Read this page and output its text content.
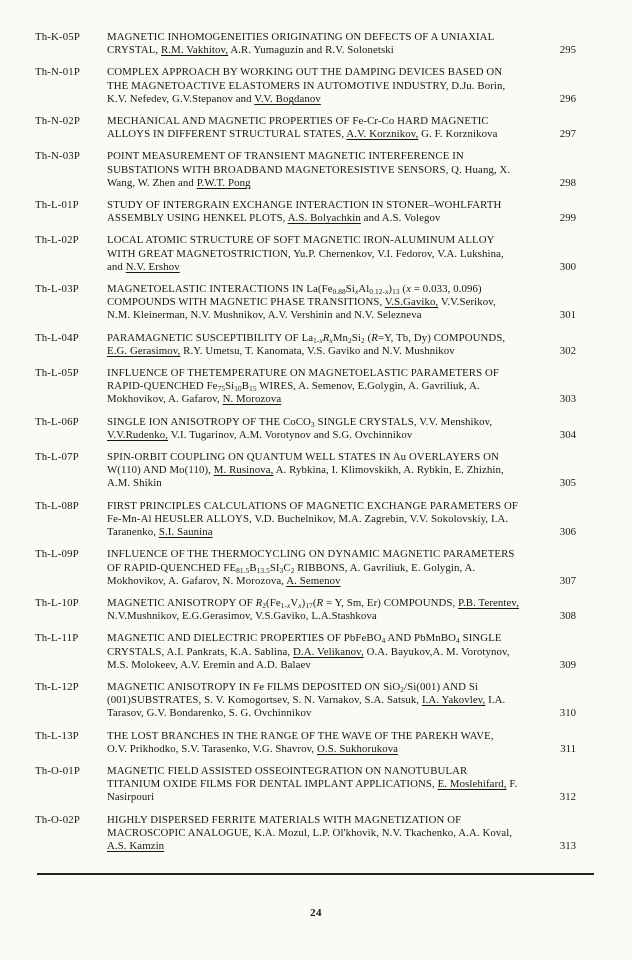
Th-K-05P	MAGNETIC INHOMOGENEITIES ORIGINATING ON DEFECTS OF A UNIAXIAL
CRYSTAL, R.M. Vakhitov, A.R. Yumaguzin and R.V. Solonetski	295
Th-N-01P	COMPLEX APPROACH BY WORKING OUT THE DAMPING DEVICES BASED ON
THE MAGNETOACTIVE ELASTOMERS IN AUTOMOTIVE INDUSTRY, D.Ju. Borin,
K.V. Nefedev, G.V.Stepanov and V.V. Bogdanov	296
Th-N-02P	MECHANICAL AND MAGNETIC PROPERTIES OF Fe-Cr-Co HARD MAGNETIC
ALLOYS IN DIFFERENT STRUCTURAL STATES, A.V. Korznikov, G. F. Korznikova	297
Th-N-03P	POINT MEASUREMENT OF TRANSIENT MAGNETIC INTERFERENCE IN
SUBSTATIONS WITH BROADBAND MAGNETORESISTIVE SENSORS, Q. Huang, X.
Wang, W. Zhen and P.W.T. Pong	298
Th-L-01P	STUDY OF INTERGRAIN EXCHANGE INTERACTION IN STONER–WOHLFARTH
ASSEMBLY USING HENKEL PLOTS, A.S. Bolyachkin and A.S. Volegov	299
Th-L-02P	LOCAL ATOMIC STRUCTURE OF SOFT MAGNETIC IRON-ALUMINUM ALLOY
WITH GREAT MAGNETOSTRICTION, Yu.P. Chernenkov, V.I. Fedorov, V.A. Lukshina,
and N.V. Ershov	300
Th-L-03P	MAGNETOELASTIC INTERACTIONS IN $La(Fe_{0.88}Si_xAl_{0.12-x})_{13}$ (x = 0.033, 0.096)
COMPOUNDS WITH MAGNETIC PHASE TRANSITIONS, V.S.Gaviko, V.V.Serikov,
N.M. Kleinerman, N.V. Mushnikov, A.V. Vershinin and N.V. Selezneva	301
Th-L-04P	PARAMAGNETIC SUSCEPTIBILITY OF $La_{1-x}R_xMn_2Si_2$ (R=Y, Tb, Dy) COMPOUNDS,
E.G. Gerasimov, R.Y. Umetsu, T. Kanomata, V.S. Gaviko and N.V. Mushnikov	302
Th-L-05P	INFLUENCE OF THETEMPERATURE ON MAGNETOELASTIC PARAMETERS OF
RAPID-QUENCHED $Fe_{75}Si_{10}B_{15}$ WIRES, A. Semenov, E.Golygin, A. Gavriliuk, A.
Mokhovikov, A. Gafarov, N. Morozova	303
Th-L-06P	SINGLE ION ANISOTROPY OF THE CoCO$_3$ SINGLE CRYSTALS, V.V. Menshikov,
V.V.Rudenko, V.I. Tugarinov, A.M. Vorotynov and S.G. Ovchinnikov	304
Th-L-07P	SPIN-ORBIT COUPLING ON QUANTUM WELL STATES IN Au OVERLAYERS ON
W(110) AND Mo(110), M. Rusinova, A. Rybkina, I. Klimovskikh, A. Rybkin, E. Zhizhin,
A.M. Shikin	305
Th-L-08P	FIRST PRINCIPLES CALCULATIONS OF MAGNETIC EXCHANGE PARAMETERS OF
Fe-Mn-Al HEUSLER ALLOYS, V.D. Buchelnikov, M.A. Zagrebin, V.V. Sokolovskiy, I.A.
Taranenko, S.I. Saunina	306
Th-L-09P	INFLUENCE OF THE THERMOCYCLING ON DYNAMIC MAGNETIC PARAMETERS
OF RAPID-QUENCHED $FE_{81.5}B_{13.5}SI_3C_2$ RIBBONS, A. Gavriliuk, E. Golygin, A.
Mokhovikov, A. Gafarov, N. Morozova, A. Semenov	307
Th-L-10P	MAGNETIC ANISOTROPY OF $R_2(Fe_{1-x}V_x)_{17}(R = Y$, Sm, Er) COMPOUNDS, P.B. Terentev,
N.V.Mushnikov, E.G.Gerasimov, V.S.Gaviko, L.A.Stashkova	308
Th-L-11P	MAGNETIC AND DIELECTRIC PROPERTIES OF PbFeBO$_4$ AND PbMnBO$_4$ SINGLE
CRYSTALS, A.I. Pankrats, K.A. Sablina, D.A. Velikanov, O.A. Bayukov,A. M. Vorotynov,
M.S. Molokeev, A.V. Eremin and A.D. Balaev	309
Th-L-12P	MAGNETIC ANISOTROPY IN Fe FILMS DEPOSITED ON SiO$_2$/Si(001) AND Si
(001)SUBSTRATES, S. V. Komogortsev, S. N. Varnakov, S.A. Satsuk, I.A. Yakovlev, I.A.
Tarasov, G.V. Bondarenko, S. G. Ovchinnikov	310
Th-L-13P	THE LOST BRANCHES IN THE RANGE OF THE WAVE OF THE PAREKH WAVE,
O.V. Prikhodko, S.V. Tarasenko, V.G. Shavrov, O.S. Sukhorukova	311
Th-O-01P	MAGNETIC FIELD ASSISTED OSSEOINTEGRATION ON NANOTUBULAR
TITANIUM OXIDE FILMS FOR DENTAL IMPLANT APPLICATIONS, E. Moslehifard, F.
Nasirpouri	312
Th-O-02P	HIGHLY DISPERSED FERRITE MATERIALS WITH MAGNETIZATION OF
MACROSCOPIC ANALOGUE, K.A. Mozul, L.P. Ol'khovik, N.V. Tkachenko, A.A. Koval,
A.S. Kamzin	313
24
